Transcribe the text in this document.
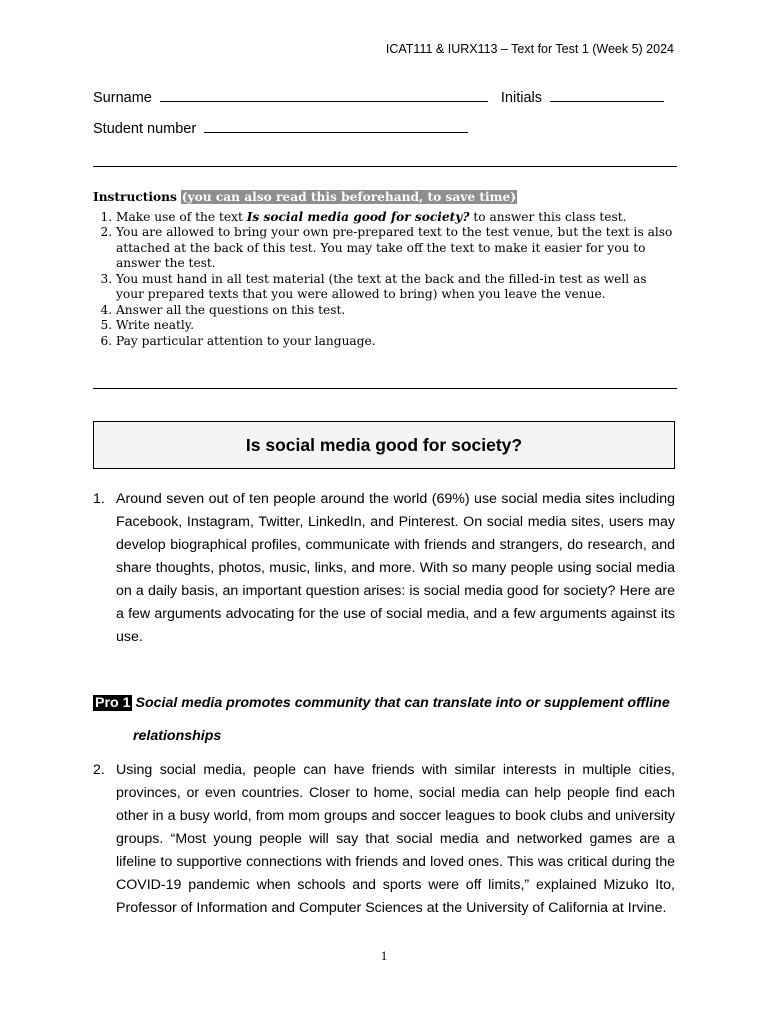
ICAT111 & IURX113 – Text for Test 1 (Week 5) 2024
Surname	Initials
Student number
Instructions (you can also read this beforehand, to save time)
1. Make use of the text Is social media good for society? to answer this class test.
2. You are allowed to bring your own pre-prepared text to the test venue, but the text is also attached at the back of this test. You may take off the text to make it easier for you to answer the test.
3. You must hand in all test material (the text at the back and the filled-in test as well as your prepared texts that you were allowed to bring) when you leave the venue.
4. Answer all the questions on this test.
5. Write neatly.
6. Pay particular attention to your language.
Is social media good for society?
1. Around seven out of ten people around the world (69%) use social media sites including Facebook, Instagram, Twitter, LinkedIn, and Pinterest. On social media sites, users may develop biographical profiles, communicate with friends and strangers, do research, and share thoughts, photos, music, links, and more. With so many people using social media on a daily basis, an important question arises: is social media good for society? Here are a few arguments advocating for the use of social media, and a few arguments against its use.
Pro 1 Social media promotes community that can translate into or supplement offline
relationships
2. Using social media, people can have friends with similar interests in multiple cities, provinces, or even countries. Closer to home, social media can help people find each other in a busy world, from mom groups and soccer leagues to book clubs and university groups. “Most young people will say that social media and networked games are a lifeline to supportive connections with friends and loved ones. This was critical during the COVID-19 pandemic when schools and sports were off limits,” explained Mizuko Ito, Professor of Information and Computer Sciences at the University of California at Irvine.
1
